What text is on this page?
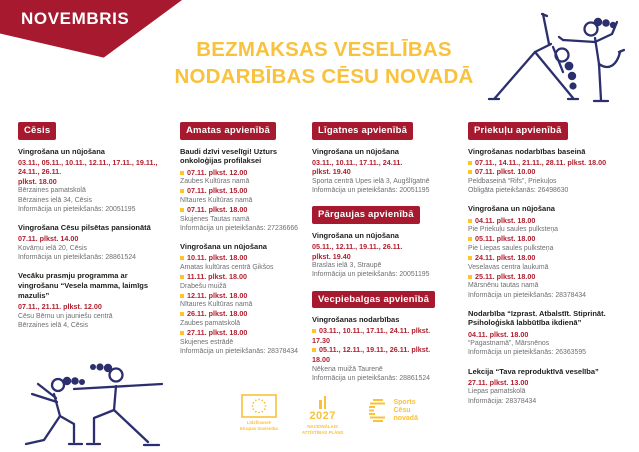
NOVEMBRIS
BEZMAKSAS VESELĪBAS
NODARBĪBAS CĒSU NOVADĀ
Cēsis
Vingrošana un nūjošana
03.11., 05.11., 10.11., 12.11., 17.11., 19.11., 24.11., 26.11.
plkst. 18.00
Bērzaines pamatskolā
Bērzaines ielā 34, Cēsis
Informācija un pieteikšanās: 20051195
Vingrošana Cēsu pilsētas pansionātā
07.11. plkst. 14.00
Kovārņu ielā 20, Cēsis
Informācija un pieteikšanās: 28861524
Vecāku prasmju programma ar vingrošanu “Vesela mamma, laimīgs mazulis”
07.11., 21.11. plkst. 12.00
Cēsu Bērnu un jauniešu centrā
Bērzaines ielā 4, Cēsis
Amatas apvienībā
Baudi dzīvi veselīgi! Uzturs onkoloģijas profilaksei
07.11. plkst. 12.00
Zaubes Kultūras namā
07.11. plkst. 15.00
Nītaures Kultūras namā
07.11. plkst. 18.00
Skujenes Tautas namā
Informācija un pieteikšanās: 27236666
Vingrošana un nūjošana
10.11. plkst. 18.00
Amatas kultūras centrā Ģikšos
11.11. plkst. 18.00
Drabešu muižā
12.11. plkst. 18.00
Nītaures Kultūras namā
26.11. plkst. 18.00
Zaubes pamatskolā
27.11. plkst. 18.00
Skujenes estrādē
Informācija un pieteikšanās: 28378434
Līgatnes apvienībā
Vingrošana un nūjošana
03.11., 10.11., 17.11., 24.11.
plkst. 19.40
Sporta centrā Upes ielā 3, Augšlīgatnē
Informācija un pieteikšanās: 20051195
Pārgaujas apvienībā
Vingrošana un nūjošana
05.11., 12.11., 19.11., 26.11.
plkst. 19.40
Braslas ielā 3, Straupē
Informācija un pieteikšanās: 20051195
Vecpiebalgas apvienībā
Vingrošanas nodarbības
03.11., 10.11., 17.11., 24.11. plkst. 17.30
05.11., 12.11., 19.11., 26.11. plkst. 18.00
Nēķena muižā Taurenē
Informācija un pieteikšanās: 28861524
Priekuļu apvienībā
Vingrošanas nodarbības baseinā
07.11., 14.11., 21.11., 28.11. plkst. 18.00
07.11. plkst. 10.00
Peldbaseinā “Rifs”, Priekuļos
Obligāta pieteikšanās: 26498630
Vingrošana un nūjošana
04.11. plkst. 18.00
Pie Priekuļu saules pulksteņa
05.11. plkst. 18.00
Pie Liepas saules pulksteņa
24.11. plkst. 18.00
Veselavas centra laukumā
25.11. plkst. 18.00
Mārsnēnu tautas namā
Informācija un pieteikšanās: 28378434
Nodarbība “Izprast. Atbalstīt. Stiprināt. Psiholoģiskā labbūtība ikdienā”
04.11. plkst. 18.00
“Pagastnamā”, Mārsnēnos
Informācija un pieteikšanās: 26363595
Lekcija “Tava reproduktīvā veselība”
27.11. plkst. 13.00
Liepas pamatskolā
Informācija: 28378434
Līdzfinansē
Eiropas Savienība
2027
NACIONĀLAIS
ATTĪSTĪBAS PLĀNS
Sports
Cēsu
novadā
